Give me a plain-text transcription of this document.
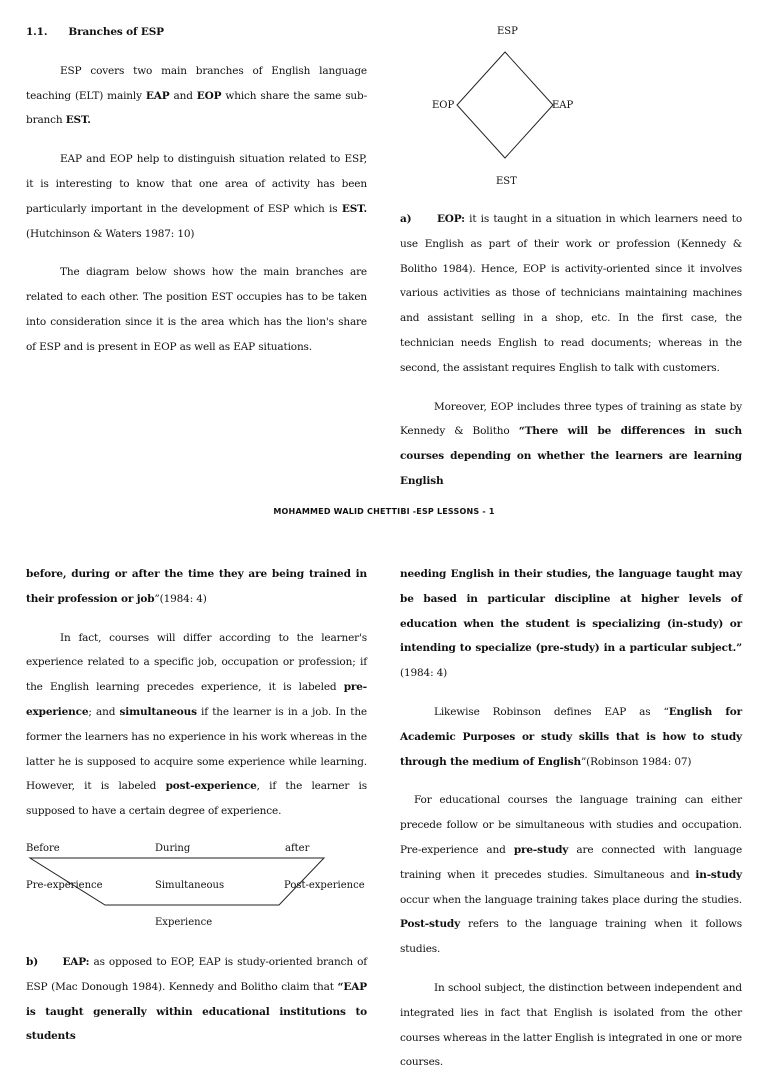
1.1. Branches of ESP

ESP covers two main branches of English language teaching (ELT) mainly EAP and EOP which share the same sub-branch EST.

EAP and EOP help to distinguish situation related to ESP, it is interesting to know that one area of activity has been particularly important in the development of ESP which is EST. (Hutchinson & Waters 1987: 10)

The diagram below shows how the main branches are related to each other. The position EST occupies has to be taken into consideration since it is the area which has the lion's share of ESP and is present in EOP as well as EAP situations.

ESP
EOP	EAP
EST

a) EOP: it is taught in a situation in which learners need to use English as part of their work or profession (Kennedy & Bolitho 1984). Hence, EOP is activity-oriented since it involves various activities as those of technicians maintaining machines and assistant selling in a shop, etc. In the first case, the technician needs English to read documents; whereas in the second, the assistant requires English to talk with customers.

Moreover, EOP includes three types of training as state by Kennedy & Bolitho “There will be differences in such courses depending on whether the learners are learning English

MOHAMMED WALID CHETTIBI -ESP LESSONS - 1

before, during or after the time they are being trained in their profession or job”(1984: 4)

In fact, courses will differ according to the learner's experience related to a specific job, occupation or profession; if the English learning precedes experience, it is labeled pre-experience; and simultaneous if the learner is in a job. In the former the learners has no experience in his work whereas in the latter he is supposed to acquire some experience while learning. However, it is labeled post-experience, if the learner is supposed to have a certain degree of experience.

Before	During	after
Pre-experience	Simultaneous	Post-experience
Experience

b) EAP: as opposed to EOP, EAP is study-oriented branch of ESP (Mac Donough 1984). Kennedy and Bolitho claim that “EAP is taught generally within educational institutions to students

needing English in their studies, the language taught may be based in particular discipline at higher levels of education when the student is specializing (in-study) or intending to specialize (pre-study) in a particular subject.” (1984: 4)

Likewise Robinson defines EAP as “English for Academic Purposes or study skills that is how to study through the medium of English”(Robinson 1984: 07)

For educational courses the language training can either precede follow or be simultaneous with studies and occupation. Pre-experience and pre-study are connected with language training when it precedes studies. Simultaneous and in-study occur when the language training takes place during the studies. Post-study refers to the language training when it follows studies.

In school subject, the distinction between independent and integrated lies in fact that English is isolated from the other courses whereas in the latter English is integrated in one or more courses.
